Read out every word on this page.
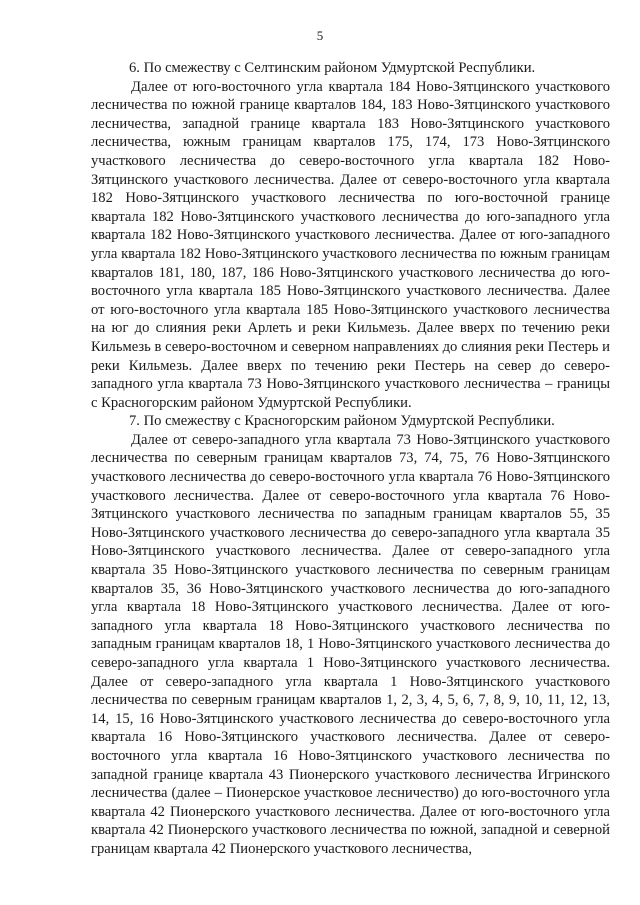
5

6. По смежеству с Селтинским районом Удмуртской Республики.

Далее от юго-восточного угла квартала 184 Ново-Зятцинского участкового лесничества по южной границе кварталов 184, 183 Ново-Зятцинского участкового лесничества, западной границе квартала 183 Ново-Зятцинского участкового лесничества, южным границам кварталов 175, 174, 173 Ново-Зятцинского участкового лесничества до северо-восточного угла квартала 182 Ново-Зятцинского участкового лесничества. Далее от северо-восточного угла квартала 182 Ново-Зятцинского участкового лесничества по юго-восточной границе квартала 182 Ново-Зятцинского участкового лесничества до юго-западного угла квартала 182 Ново-Зятцинского участкового лесничества. Далее от юго-западного угла квартала 182 Ново-Зятцинского участкового лесничества по южным границам кварталов 181, 180, 187, 186 Ново-Зятцинского участкового лесничества до юго-восточного угла квартала 185 Ново-Зятцинского участкового лесничества. Далее от юго-восточного угла квартала 185 Ново-Зятцинского участкового лесничества на юг до слияния реки Арлеть и реки Кильмезь. Далее вверх по течению реки Кильмезь в северо-восточном и северном направлениях до слияния реки Пестерь и реки Кильмезь. Далее вверх по течению реки Пестерь на север до северо-западного угла квартала 73 Ново-Зятцинского участкового лесничества – границы с Красногорским районом Удмуртской Республики.

7. По смежеству с Красногорским районом Удмуртской Республики.

Далее от северо-западного угла квартала 73 Ново-Зятцинского участкового лесничества по северным границам кварталов 73, 74, 75, 76 Ново-Зятцинского участкового лесничества до северо-восточного угла квартала 76 Ново-Зятцинского участкового лесничества. Далее от северо-восточного угла квартала 76 Ново-Зятцинского участкового лесничества по западным границам кварталов 55, 35 Ново-Зятцинского участкового лесничества до северо-западного угла квартала 35 Ново-Зятцинского участкового лесничества. Далее от северо-западного угла квартала 35 Ново-Зятцинского участкового лесничества по северным границам кварталов 35, 36 Ново-Зятцинского участкового лесничества до юго-западного угла квартала 18 Ново-Зятцинского участкового лесничества. Далее от юго-западного угла квартала 18 Ново-Зятцинского участкового лесничества по западным границам кварталов 18, 1 Ново-Зятцинского участкового лесничества до северо-западного угла квартала 1 Ново-Зятцинского участкового лесничества. Далее от северо-западного угла квартала 1 Ново-Зятцинского участкового лесничества по северным границам кварталов 1, 2, 3, 4, 5, 6, 7, 8, 9, 10, 11, 12, 13, 14, 15, 16 Ново-Зятцинского участкового лесничества до северо-восточного угла квартала 16 Ново-Зятцинского участкового лесничества. Далее от северо-восточного угла квартала 16 Ново-Зятцинского участкового лесничества по западной границе квартала 43 Пионерского участкового лесничества Игринского лесничества (далее – Пионерское участковое лесничество) до юго-восточного угла квартала 42 Пионерского участкового лесничества. Далее от юго-восточного угла квартала 42 Пионерского участкового лесничества по южной, западной и северной границам квартала 42 Пионерского участкового лесничества,
